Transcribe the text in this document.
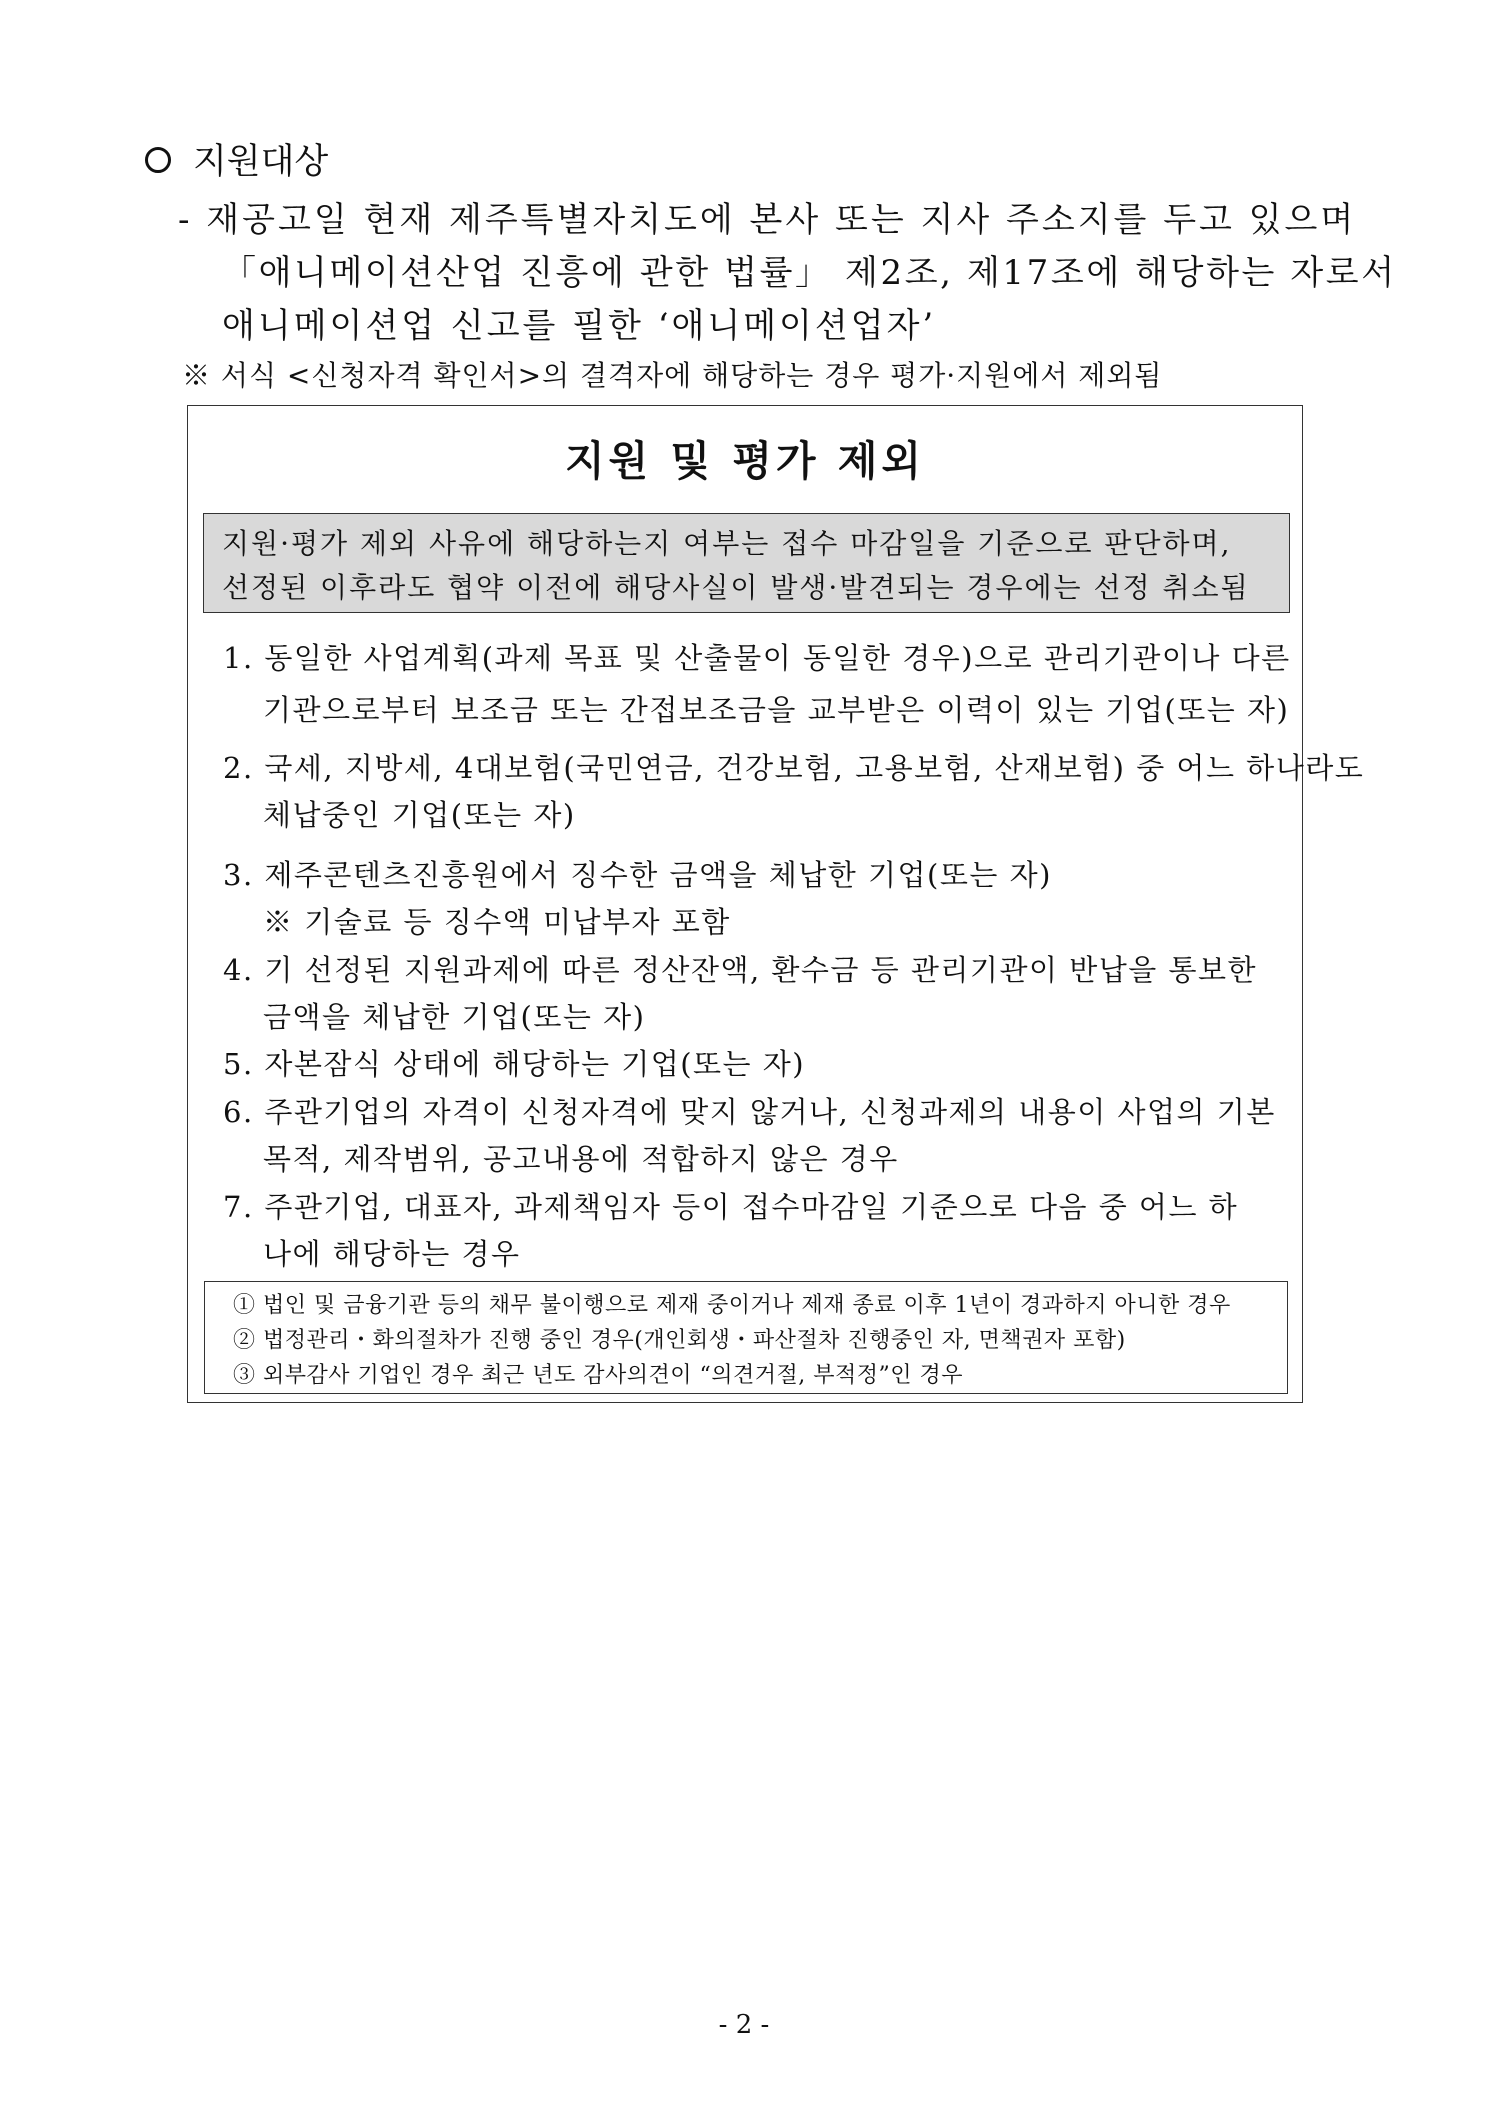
지원대상
- 재공고일 현재 제주특별자치도에 본사 또는 지사 주소지를 두고 있으며
「애니메이션산업 진흥에 관한 법률」 제2조, 제17조에 해당하는 자로서
애니메이션업 신고를 필한 ‘애니메이션업자’
※ 서식 <신청자격 확인서>의 결격자에 해당하는 경우 평가·지원에서 제외됨
지원 및 평가 제외
지원·평가 제외 사유에 해당하는지 여부는 접수 마감일을 기준으로 판단하며,
선정된 이후라도 협약 이전에 해당사실이 발생·발견되는 경우에는 선정 취소됨
1. 동일한 사업계획(과제 목표 및 산출물이 동일한 경우)으로 관리기관이나 다른
기관으로부터 보조금 또는 간접보조금을 교부받은 이력이 있는 기업(또는 자)
2. 국세, 지방세, 4대보험(국민연금, 건강보험, 고용보험, 산재보험) 중 어느 하나라도
체납중인 기업(또는 자)
3. 제주콘텐츠진흥원에서 징수한 금액을 체납한 기업(또는 자)
※ 기술료 등 징수액 미납부자 포함
4. 기 선정된 지원과제에 따른 정산잔액, 환수금 등 관리기관이 반납을 통보한
금액을 체납한 기업(또는 자)
5. 자본잠식 상태에 해당하는 기업(또는 자)
6. 주관기업의 자격이 신청자격에 맞지 않거나, 신청과제의 내용이 사업의 기본
목적, 제작범위, 공고내용에 적합하지 않은 경우
7. 주관기업, 대표자, 과제책임자 등이 접수마감일 기준으로 다음 중 어느 하
나에 해당하는 경우
① 법인 및 금융기관 등의 채무 불이행으로 제재 중이거나 제재 종료 이후 1년이 경과하지 아니한 경우
② 법정관리・화의절차가 진행 중인 경우(개인회생・파산절차 진행중인 자, 면책권자 포함)
③ 외부감사 기업인 경우 최근 년도 감사의견이 “의견거절, 부적정”인 경우
- 2 -
